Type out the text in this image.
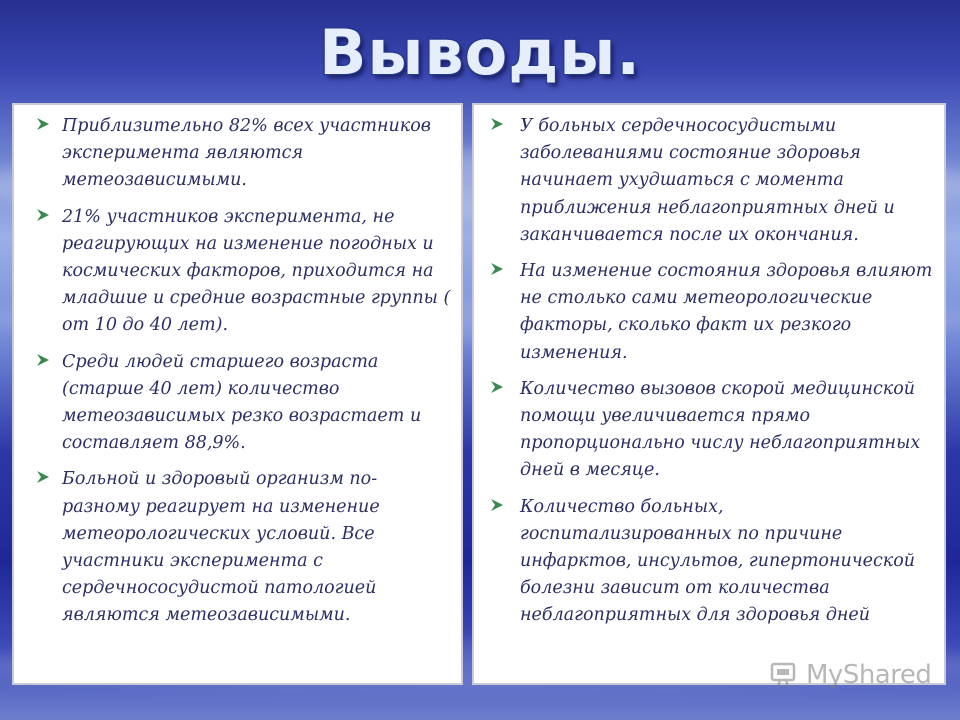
Выводы.
Приблизительно 82% всех участников эксперимента являются метеозависимыми.
21% участников эксперимента, не реагирующих на изменение погодных и космических факторов, приходится на младшие и средние возрастные группы ( от 10 до 40 лет).
Среди людей старшего возраста (старше 40 лет) количество метеозависимых резко возрастает и составляет 88,9%.
Больной и здоровый организм по-разному реагирует на изменение метеорологических условий. Все участники эксперимента с сердечнососудистой патологией являются метеозависимыми.
У больных сердечнососудистыми заболеваниями состояние здоровья начинает ухудшаться с момента приближения неблагоприятных дней и заканчивается после их окончания.
На изменение состояния здоровья влияют не столько сами метеорологические факторы, сколько факт их резкого изменения.
Количество вызовов скорой медицинской помощи увеличивается прямо пропорционально числу неблагоприятных дней в месяце.
Количество больных, госпитализированных по причине инфарктов, инсультов, гипертонической болезни зависит от количества неблагоприятных для здоровья дней
MyShared
